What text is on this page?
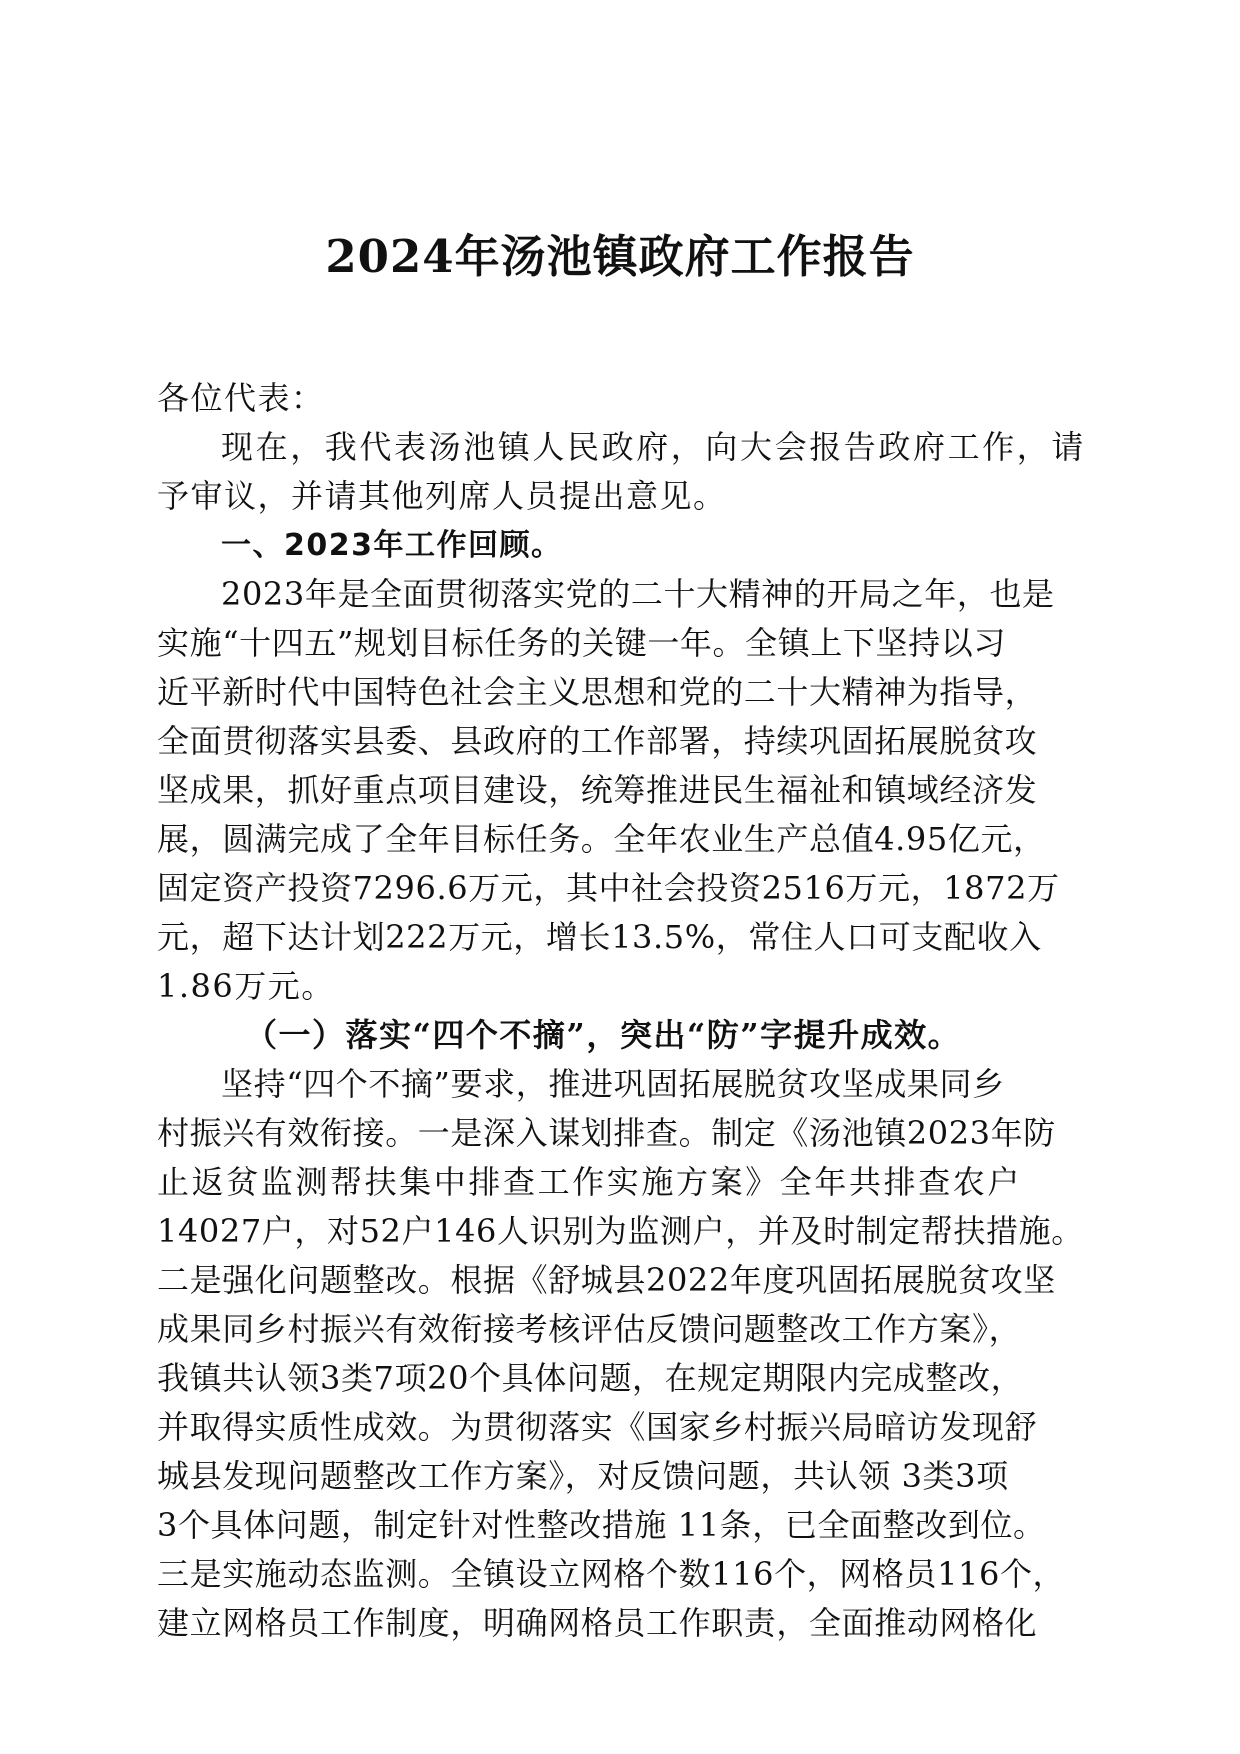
2024年汤池镇政府工作报告
各位代表：
现在，我代表汤池镇人民政府，向大会报告政府工作，请
予审议，并请其他列席人员提出意见。
一、2023年工作回顾。
2023年是全面贯彻落实党的二十大精神的开局之年，也是
实施“十四五”规划目标任务的关键一年。全镇上下坚持以习
近平新时代中国特色社会主义思想和党的二十大精神为指导，
全面贯彻落实县委、县政府的工作部署，持续巩固拓展脱贫攻
坚成果，抓好重点项目建设，统筹推进民生福祉和镇域经济发
展，圆满完成了全年目标任务。全年农业生产总值4.95亿元，
固定资产投资7296.6万元，其中社会投资2516万元，1872万
元，超下达计划222万元，增长13.5%，常住人口可支配收入
1.86万元。
（一）落实“四个不摘”，突出“防”字提升成效。
坚持“四个不摘”要求，推进巩固拓展脱贫攻坚成果同乡
村振兴有效衔接。一是深入谋划排查。制定《汤池镇2023年防
止返贫监测帮扶集中排查工作实施方案》全年共排查农户
14027户，对52户146人识别为监测户，并及时制定帮扶措施。
二是强化问题整改。根据《舒城县2022年度巩固拓展脱贫攻坚
成果同乡村振兴有效衔接考核评估反馈问题整改工作方案》，
我镇共认领3类7项20个具体问题，在规定期限内完成整改，
并取得实质性成效。为贯彻落实《国家乡村振兴局暗访发现舒
城县发现问题整改工作方案》，对反馈问题，共认领 3类3项
3个具体问题，制定针对性整改措施 11条，已全面整改到位。
三是实施动态监测。全镇设立网格个数116个，网格员116个，
建立网格员工作制度，明确网格员工作职责，全面推动网格化
